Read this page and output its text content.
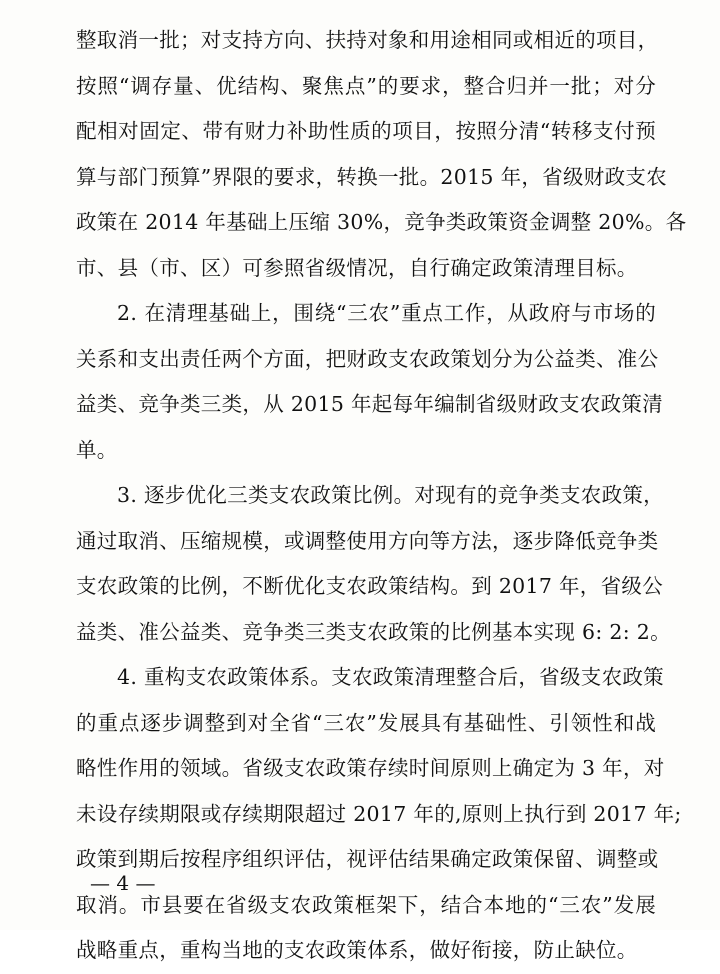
整取消一批；对支持方向、扶持对象和用途相同或相近的项目，
按照“调存量、优结构、聚焦点”的要求，整合归并一批；对分
配相对固定、带有财力补助性质的项目，按照分清“转移支付预
算与部门预算”界限的要求，转换一批。2015 年，省级财政支农
政策在 2014 年基础上压缩 30%，竞争类政策资金调整 20%。各
市、县（市、区）可参照省级情况，自行确定政策清理目标。
2. 在清理基础上，围绕“三农”重点工作，从政府与市场的
关系和支出责任两个方面，把财政支农政策划分为公益类、准公
益类、竞争类三类，从 2015 年起每年编制省级财政支农政策清
单。
3. 逐步优化三类支农政策比例。对现有的竞争类支农政策，
通过取消、压缩规模，或调整使用方向等方法，逐步降低竞争类
支农政策的比例，不断优化支农政策结构。到 2017 年，省级公
益类、准公益类、竞争类三类支农政策的比例基本实现 6: 2: 2。
4. 重构支农政策体系。支农政策清理整合后，省级支农政策
的重点逐步调整到对全省“三农”发展具有基础性、引领性和战
略性作用的领域。省级支农政策存续时间原则上确定为 3 年，对
未设存续期限或存续期限超过 2017 年的,原则上执行到 2017 年;
政策到期后按程序组织评估，视评估结果确定政策保留、调整或
取消。市县要在省级支农政策框架下，结合本地的“三农”发展
战略重点，重构当地的支农政策体系，做好衔接，防止缺位。
— 4 —
